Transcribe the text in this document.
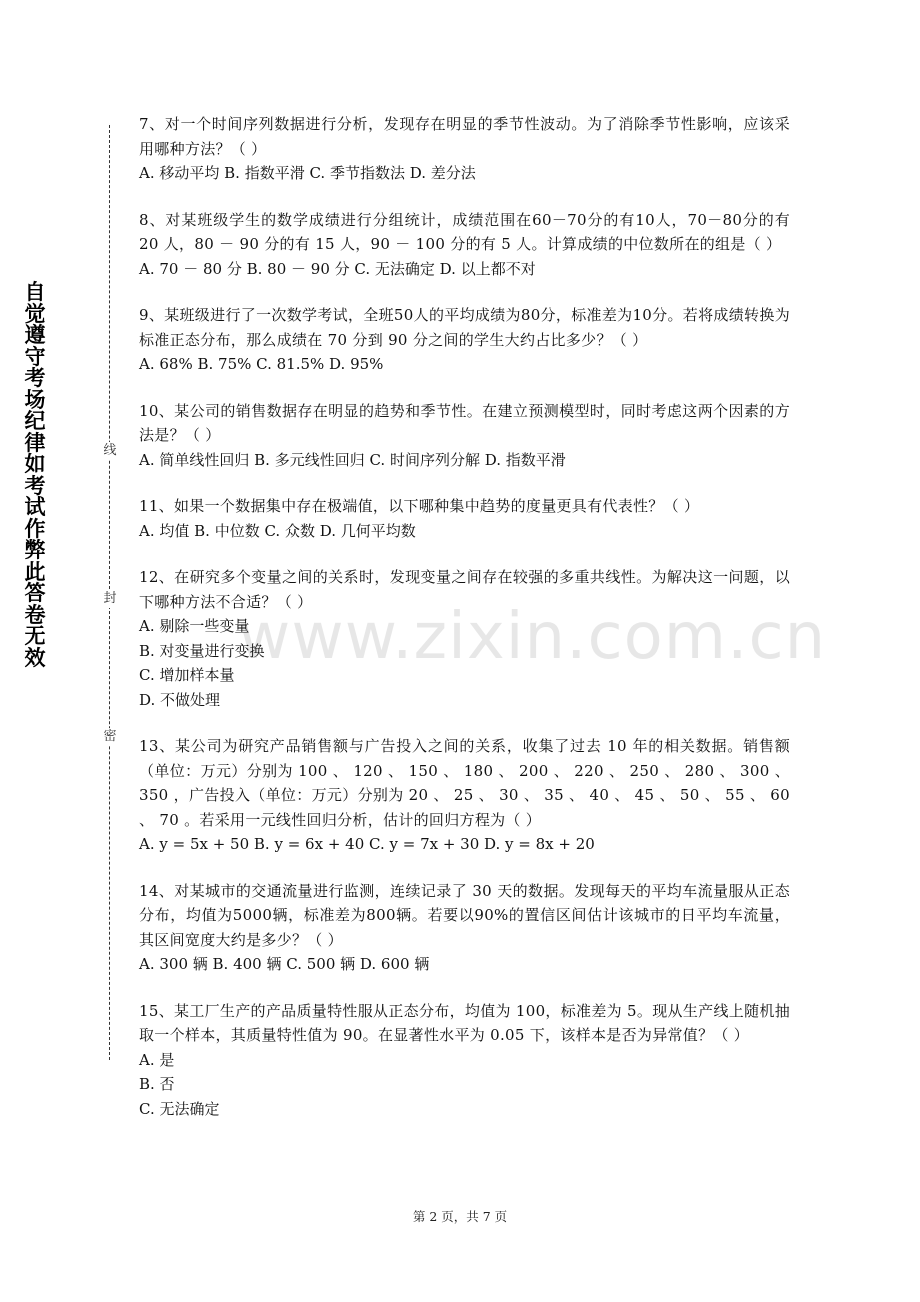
自觉遵守考场纪律如考试作弊此答卷无效
线
封
密
www.zixin.com.cn

7、对一个时间序列数据进行分析，发现存在明显的季节性波动。为了消除季节性影响，应该采用哪种方法？（ ）

A. 移动平均 B. 指数平滑 C. 季节指数法 D. 差分法

8、对某班级学生的数学成绩进行分组统计，成绩范围在60－70分的有10人，70－80分的有 20 人，80 － 90 分的有 15 人，90 － 100 分的有 5 人。计算成绩的中位数所在的组是（ ）

A. 70 － 80 分 B. 80 － 90 分 C. 无法确定 D. 以上都不对

9、某班级进行了一次数学考试，全班50人的平均成绩为80分，标准差为10分。若将成绩转换为标准正态分布，那么成绩在 70 分到 90 分之间的学生大约占比多少？（ ）

A. 68% B. 75% C. 81.5% D. 95%

10、某公司的销售数据存在明显的趋势和季节性。在建立预测模型时，同时考虑这两个因素的方法是？（ ）

A. 简单线性回归 B. 多元线性回归 C. 时间序列分解 D. 指数平滑

11、如果一个数据集中存在极端值，以下哪种集中趋势的度量更具有代表性？（ ）

A. 均值 B. 中位数 C. 众数 D. 几何平均数

12、在研究多个变量之间的关系时，发现变量之间存在较强的多重共线性。为解决这一问题，以下哪种方法不合适？（ ）

A. 剔除一些变量

B. 对变量进行变换

C. 增加样本量

D. 不做处理

13、某公司为研究产品销售额与广告投入之间的关系，收集了过去 10 年的相关数据。销售额（单位：万元）分别为 100 、 120 、 150 、 180 、 200 、 220 、 250 、 280 、 300 、 350 ，广告投入（单位：万元）分别为 20 、 25 、 30 、 35 、 40 、 45 、 50 、 55 、 60 、 70 。若采用一元线性回归分析，估计的回归方程为（ ）

A. y = 5x + 50 B. y = 6x + 40 C. y = 7x + 30 D. y = 8x + 20

14、对某城市的交通流量进行监测，连续记录了 30 天的数据。发现每天的平均车流量服从正态分布，均值为5000辆，标准差为800辆。若要以90%的置信区间估计该城市的日平均车流量，其区间宽度大约是多少？（ ）

A. 300 辆 B. 400 辆 C. 500 辆 D. 600 辆

15、某工厂生产的产品质量特性服从正态分布，均值为 100，标准差为 5。现从生产线上随机抽取一个样本，其质量特性值为 90。在显著性水平为 0.05 下，该样本是否为异常值？（ ）

A. 是

B. 否

C. 无法确定

第 2 页，共 7 页
